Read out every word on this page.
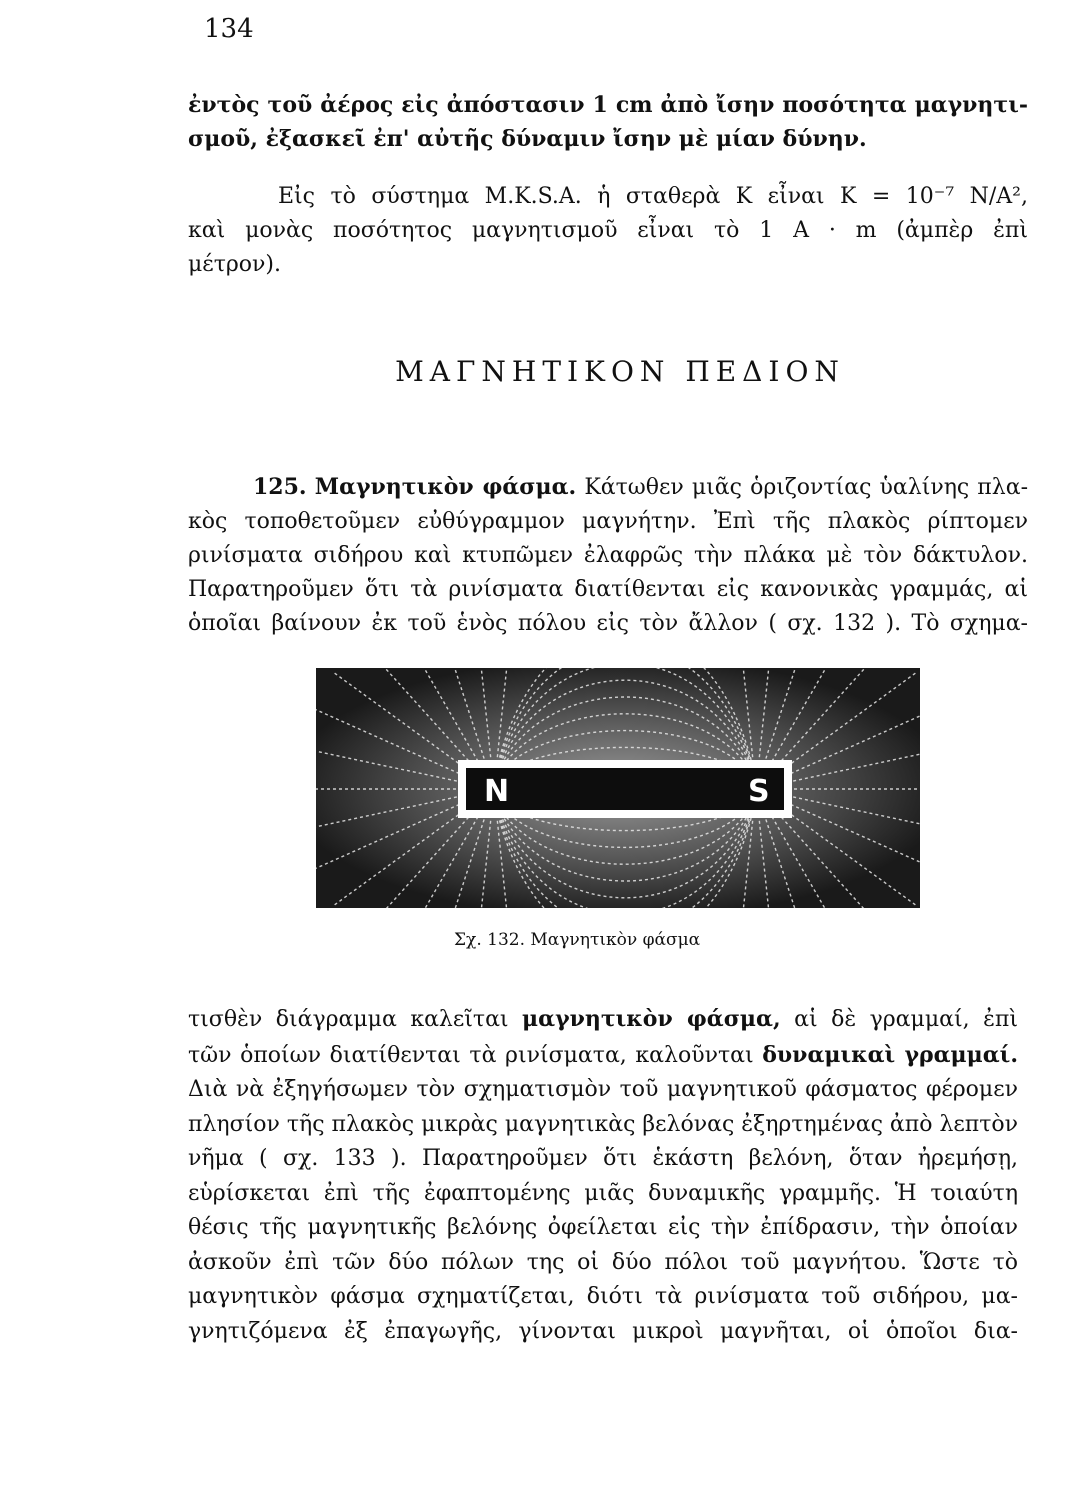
134
ἐντὸς τοῦ ἀέρος εἰς ἀπόστασιν 1 cm ἀπὸ ἴσην ποσότητα μαγνητι-
σμοῦ, ἐξασκεῖ ἐπ' αὐτῆς δύναμιν ἴσην μὲ μίαν δύνην.
Εἰς τὸ σύστημα M.K.S.A. ἡ σταθερὰ K εἶναι K = 10⁻⁷ N/A²,
καὶ μονὰς ποσότητος μαγνητισμοῦ εἶναι τὸ 1 A · m (ἀμπὲρ ἐπὶ
μέτρον).
ΜΑΓΝΗΤΙΚΟΝ ΠΕΔΙΟΝ
125. Μαγνητικὸν φάσμα. Κάτωθεν μιᾶς ὁριζοντίας ὑαλίνης πλα-
κὸς τοποθετοῦμεν εὐθύγραμμον μαγνήτην. Ἐπὶ τῆς πλακὸς ρίπτομεν
ρινίσματα σιδήρου καὶ κτυπῶμεν ἐλαφρῶς τὴν πλάκα μὲ τὸν δάκτυλον.
Παρατηροῦμεν ὅτι τὰ ρινίσματα διατίθενται εἰς κανονικὰς γραμμάς, αἱ
ὁποῖαι βαίνουν ἐκ τοῦ ἑνὸς πόλου εἰς τὸν ἄλλον ( σχ. 132 ). Τὸ σχημα-
N	S
Σχ. 132. Μαγνητικὸν φάσμα
τισθὲν διάγραμμα καλεῖται μαγνητικὸν φάσμα, αἱ δὲ γραμμαί, ἐπὶ
τῶν ὁποίων διατίθενται τὰ ρινίσματα, καλοῦνται δυναμικαὶ γραμμαί.
Διὰ νὰ ἐξηγήσωμεν τὸν σχηματισμὸν τοῦ μαγνητικοῦ φάσματος φέρομεν
πλησίον τῆς πλακὸς μικρὰς μαγνητικὰς βελόνας ἐξηρτημένας ἀπὸ λεπτὸν
νῆμα ( σχ. 133 ). Παρατηροῦμεν ὅτι ἑκάστη βελόνη, ὅταν ἠρεμήσῃ,
εὑρίσκεται ἐπὶ τῆς ἐφαπτομένης μιᾶς δυναμικῆς γραμμῆς. Ἡ τοιαύτη
θέσις τῆς μαγνητικῆς βελόνης ὀφείλεται εἰς τὴν ἐπίδρασιν, τὴν ὁποίαν
ἀσκοῦν ἐπὶ τῶν δύο πόλων της οἱ δύο πόλοι τοῦ μαγνήτου. Ὥστε τὸ
μαγνητικὸν φάσμα σχηματίζεται, διότι τὰ ρινίσματα τοῦ σιδήρου, μα-
γνητιζόμενα ἐξ ἐπαγωγῆς, γίνονται μικροὶ μαγνῆται, οἱ ὁποῖοι δια-
